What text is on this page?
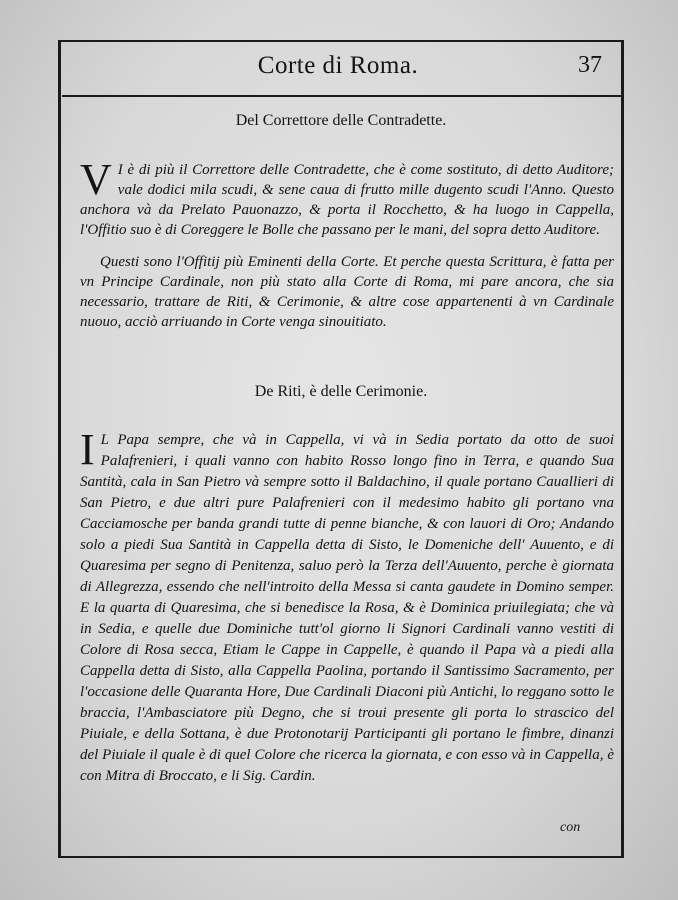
Corte di Roma.	37
Del Correttore delle Contradette.

V I è di più il Correttore delle Contradette, che è come sostituto, di detto Auditore; vale dodici mila scudi, & sene caua di frutto mille dugento scudi l'Anno. Questo anchora và da Prelato Pauonazzo, & porta il Rocchetto, & ha luogo in Cappella, l'Offitio suo è di Coreggere le Bolle che passano per le mani, del sopra detto Auditore.

Questi sono l'Offitij più Eminenti della Corte. Et perche questa Scrittura, è fatta per vn Principe Cardinale, non più stato alla Corte di Roma, mi pare ancora, che sia necessario, trattare de Riti, & Cerimonie, & altre cose appartenenti à vn Cardinale nuouo, acciò arriuando in Corte venga sinouitiato.

De Riti, è delle Cerimonie.

I L Papa sempre, che và in Cappella, vi và in Sedia portato da otto de suoi Palafrenieri, i quali vanno con habito Rosso longo fino in Terra, e quando Sua Santità, cala in San Pietro và sempre sotto il Baldachino, il quale portano Cauallieri di San Pietro, e due altri pure Palafrenieri con il medesimo habito gli portano vna Cacciamosche per banda grandi tutte di penne bianche, & con lauori di Oro; Andando solo a piedi Sua Santità in Cappella detta di Sisto, le Domeniche dell' Auuento, e di Quaresima per segno di Penitenza, saluo però la Terza dell'Auuento, perche è giornata di Allegrezza, essendo che nell'introito della Messa si canta gaudete in Domino semper. E la quarta di Quaresima, che si benedisce la Rosa, & è Dominica priuilegiata; che và in Sedia, e quelle due Dominiche tutt'ol giorno li Signori Cardinali vanno vestiti di Colore di Rosa secca, Etiam le Cappe in Cappelle, è quando il Papa và a piedi alla Cappella detta di Sisto, alla Cappella Paolina, portando il Santissimo Sacramento, per l'occasione delle Quaranta Hore, Due Cardinali Diaconi più Antichi, lo reggano sotto le braccia, l'Ambasciatore più Degno, che si troui presente gli porta lo strascico del Piuiale, e della Sottana, è due Protonotarij Participanti gli portano le fimbre, dinanzi del Piuiale il quale è di quel Colore che ricerca la giornata, e con esso và in Cappella, è con Mitra di Broccato, e li Sig. Cardin.

con
